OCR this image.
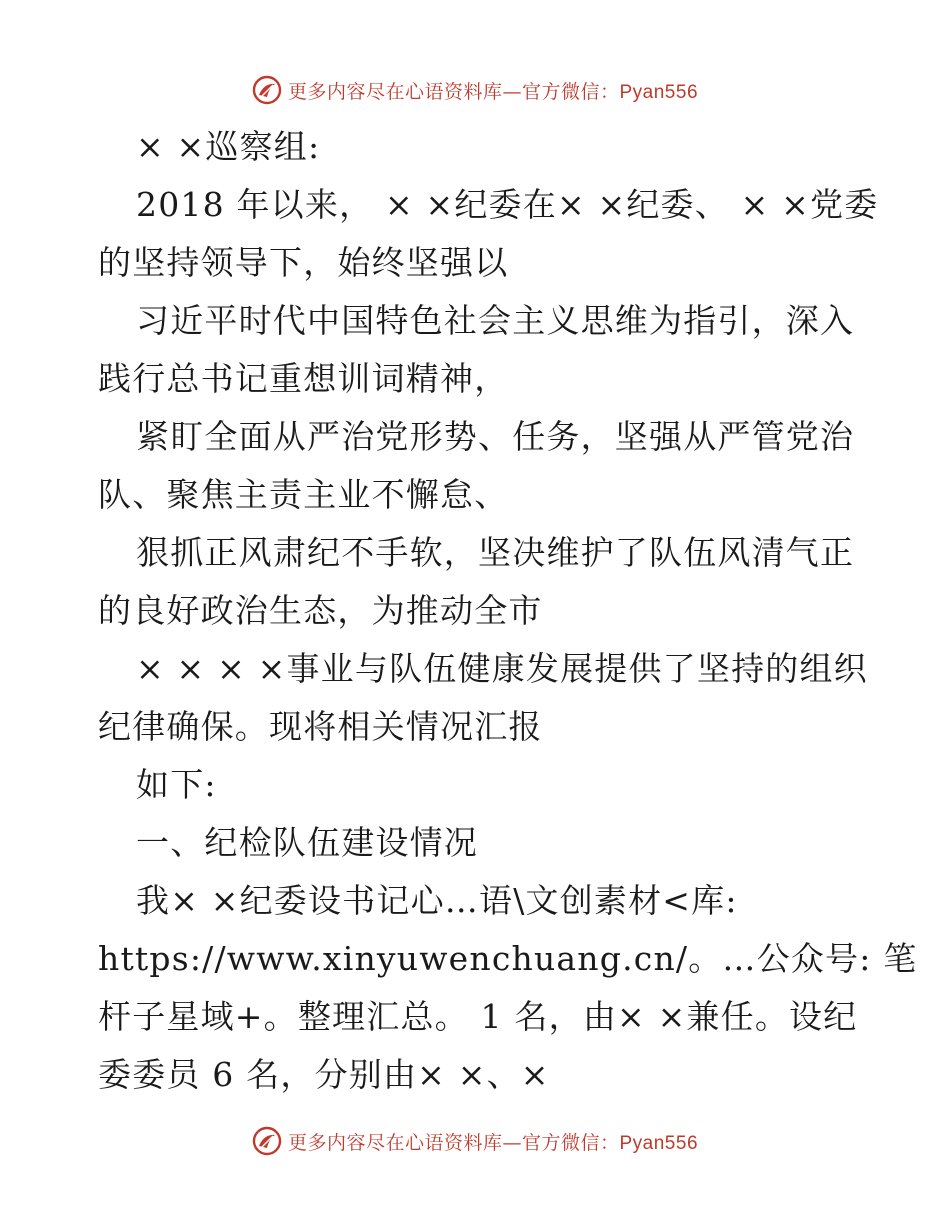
更多内容尽在心语资料库—官方微信：Pyan556
× ×巡察组:
2018 年以来， × ×纪委在× ×纪委、 × ×党委
的坚持领导下，始终坚强以
习近平时代中国特色社会主义思维为指引，深入
践行总书记重想训词精神，
紧盯全面从严治党形势、任务，坚强从严管党治
队、聚焦主责主业不懈怠、
狠抓正风肃纪不手软，坚决维护了队伍风清气正
的良好政治生态，为推动全市
× × × ×事业与队伍健康发展提供了坚持的组织
纪律确保。现将相关情况汇报
如下:
一、纪检队伍建设情况
我× ×纪委设书记心…语\文创素材<库:
https://www.xinyuwenchuang.cn/。…公众号: 笔
杆子星域+。整理汇总。 1 名，由× ×兼任。设纪
委委员 6 名，分别由× ×、×
更多内容尽在心语资料库—官方微信：Pyan556
